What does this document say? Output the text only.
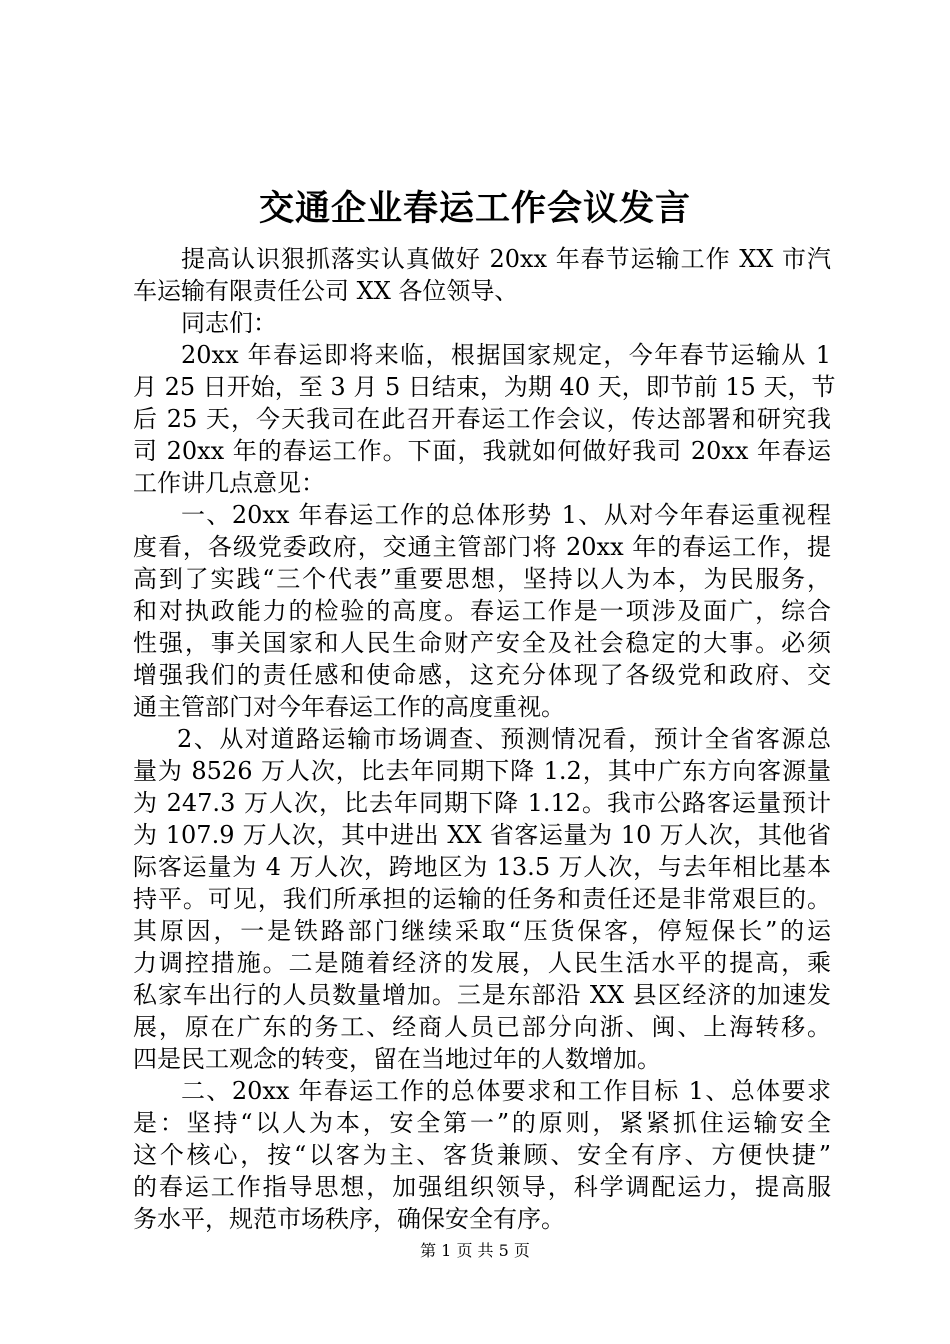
交通企业春运工作会议发言
提高认识狠抓落实认真做好 20xx 年春节运输工作 XX 市汽
车运输有限责任公司 XX 各位领导、
同志们：
20xx 年春运即将来临，根据国家规定，今年春节运输从 1
月 25 日开始，至 3 月 5 日结束，为期 40 天，即节前 15 天，节
后 25 天，今天我司在此召开春运工作会议，传达部署和研究我
司 20xx 年的春运工作。下面，我就如何做好我司 20xx 年春运
工作讲几点意见：
一、20xx 年春运工作的总体形势 1、从对今年春运重视程
度看，各级党委政府，交通主管部门将 20xx 年的春运工作，提
高到了实践“三个代表”重要思想，坚持以人为本，为民服务，
和对执政能力的检验的高度。春运工作是一项涉及面广，综合
性强，事关国家和人民生命财产安全及社会稳定的大事。必须
增强我们的责任感和使命感，这充分体现了各级党和政府、交
通主管部门对今年春运工作的高度重视。
2、从对道路运输市场调查、预测情况看，预计全省客源总
量为 8526 万人次，比去年同期下降 1.2，其中广东方向客源量
为 247.3 万人次，比去年同期下降 1.12。我市公路客运量预计
为 107.9 万人次，其中进出 XX 省客运量为 10 万人次，其他省
际客运量为 4 万人次，跨地区为 13.5 万人次，与去年相比基本
持平。可见，我们所承担的运输的任务和责任还是非常艰巨的。
其原因，一是铁路部门继续采取“压货保客，停短保长”的运
力调控措施。二是随着经济的发展，人民生活水平的提高，乘
私家车出行的人员数量增加。三是东部沿 XX 县区经济的加速发
展，原在广东的务工、经商人员已部分向浙、闽、上海转移。
四是民工观念的转变，留在当地过年的人数增加。
二、20xx 年春运工作的总体要求和工作目标 1、总体要求
是：坚持“以人为本，安全第一”的原则，紧紧抓住运输安全
这个核心，按“以客为主、客货兼顾、安全有序、方便快捷”
的春运工作指导思想，加强组织领导，科学调配运力，提高服
务水平，规范市场秩序，确保安全有序。
第 1 页 共 5 页
